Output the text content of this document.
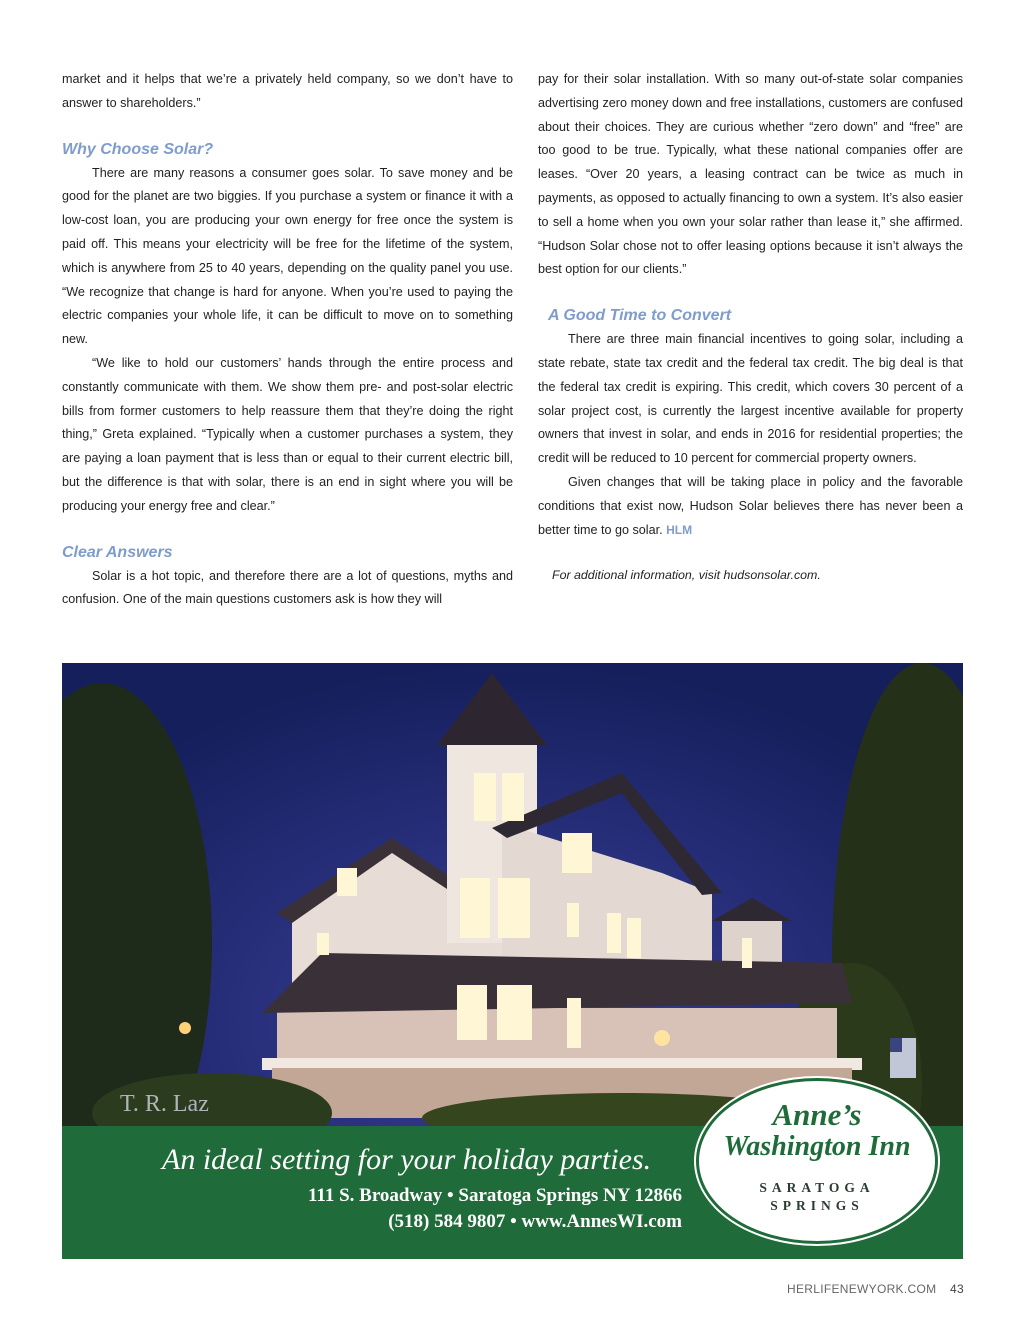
market and it helps that we’re a privately held company, so we don’t have to answer to shareholders.”

Why Choose Solar?

There are many reasons a consumer goes solar. To save money and be good for the planet are two biggies. If you purchase a system or finance it with a low-cost loan, you are producing your own energy for free once the system is paid off. This means your electricity will be free for the lifetime of the system, which is anywhere from 25 to 40 years, depending on the quality panel you use. “We recognize that change is hard for anyone. When you’re used to paying the electric companies your whole life, it can be difficult to move on to something new.

“We like to hold our customers’ hands through the entire process and constantly communicate with them. We show them pre- and post-solar electric bills from former customers to help reassure them that they’re doing the right thing,” Greta explained. “Typically when a customer purchases a system, they are paying a loan payment that is less than or equal to their current electric bill, but the difference is that with solar, there is an end in sight where you will be producing your energy free and clear.”

Clear Answers

Solar is a hot topic, and therefore there are a lot of questions, myths and confusion. One of the main questions customers ask is how they will

pay for their solar installation. With so many out-of-state solar companies advertising zero money down and free installations, customers are confused about their choices. They are curious whether “zero down” and “free” are too good to be true. Typically, what these national companies offer are leases. “Over 20 years, a leasing contract can be twice as much in payments, as opposed to actually financing to own a system. It’s also easier to sell a home when you own your solar rather than lease it,” she affirmed. “Hudson Solar chose not to offer leasing options because it isn’t always the best option for our clients.”

A Good Time to Convert

There are three main financial incentives to going solar, including a state rebate, state tax credit and the federal tax credit. The big deal is that the federal tax credit is expiring. This credit, which covers 30 percent of a solar project cost, is currently the largest incentive available for property owners that invest in solar, and ends in 2016 for residential properties; the credit will be reduced to 10 percent for commercial property owners.

Given changes that will be taking place in policy and the favorable conditions that exist now, Hudson Solar believes there has never been a better time to go solar. HLM

For additional information, visit hudsonsolar.com.

T. R. Laz
An ideal setting for your holiday parties.
111 S. Broadway • Saratoga Springs NY 12866
(518) 584 9807 • www.AnnesWI.com
Anne’s
Washington Inn
SARATOGA
SPRINGS
HERLIFENEWYORK.COM 43
